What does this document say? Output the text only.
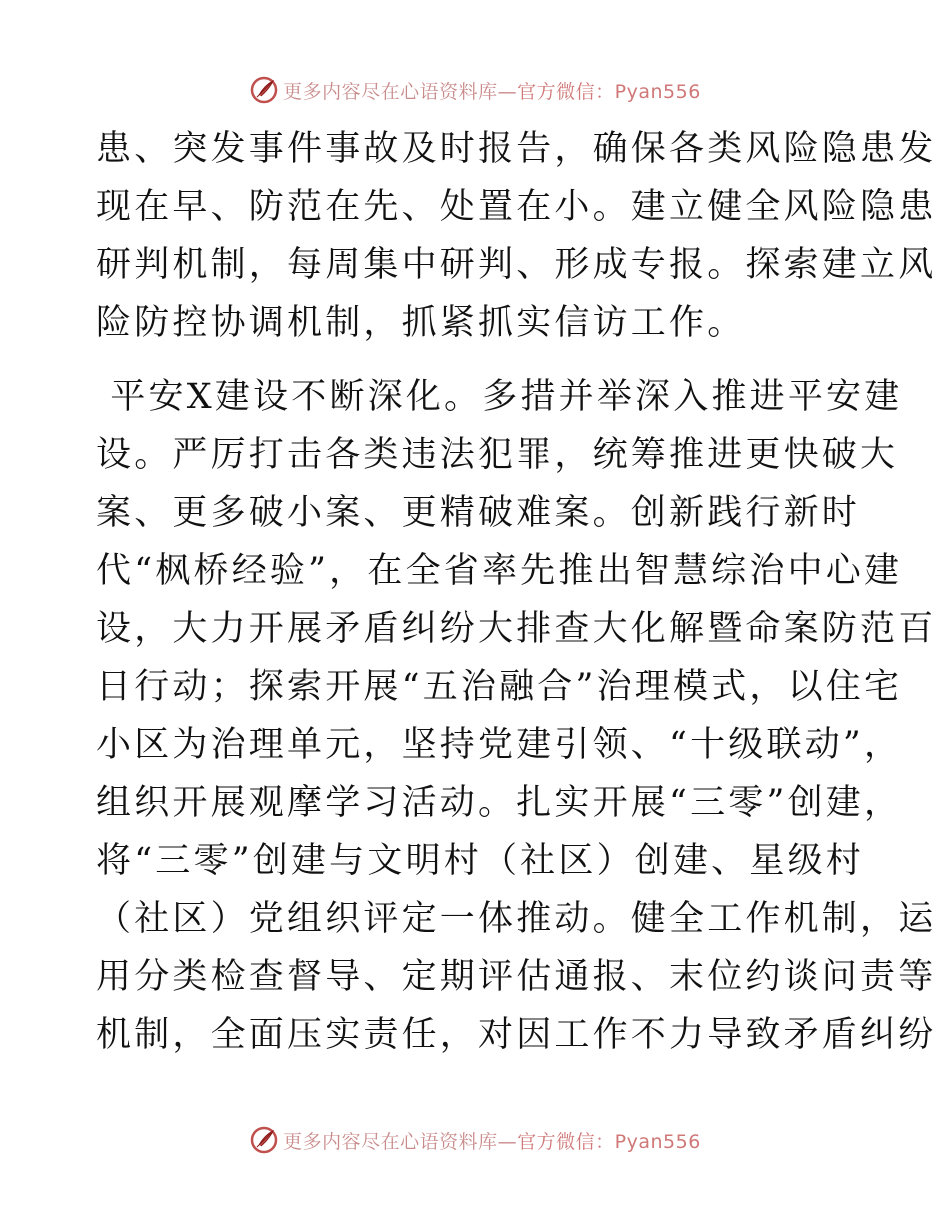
更多内容尽在心语资料库—官方微信：Pyan556
患、突发事件事故及时报告，确保各类风险隐患发
现在早、防范在先、处置在小。建立健全风险隐患
研判机制，每周集中研判、形成专报。探索建立风
险防控协调机制，抓紧抓实信访工作。
平安X建设不断深化。多措并举深入推进平安建
设。严厉打击各类违法犯罪，统筹推进更快破大
案、更多破小案、更精破难案。创新践行新时
代“枫桥经验”，在全省率先推出智慧综治中心建
设，大力开展矛盾纠纷大排查大化解暨命案防范百
日行动；探索开展“五治融合”治理模式，以住宅
小区为治理单元，坚持党建引领、“十级联动”，
组织开展观摩学习活动。扎实开展“三零”创建，
将“三零”创建与文明村（社区）创建、星级村
（社区）党组织评定一体推动。健全工作机制，运
用分类检查督导、定期评估通报、末位约谈问责等
机制，全面压实责任，对因工作不力导致矛盾纠纷
更多内容尽在心语资料库—官方微信：Pyan556
